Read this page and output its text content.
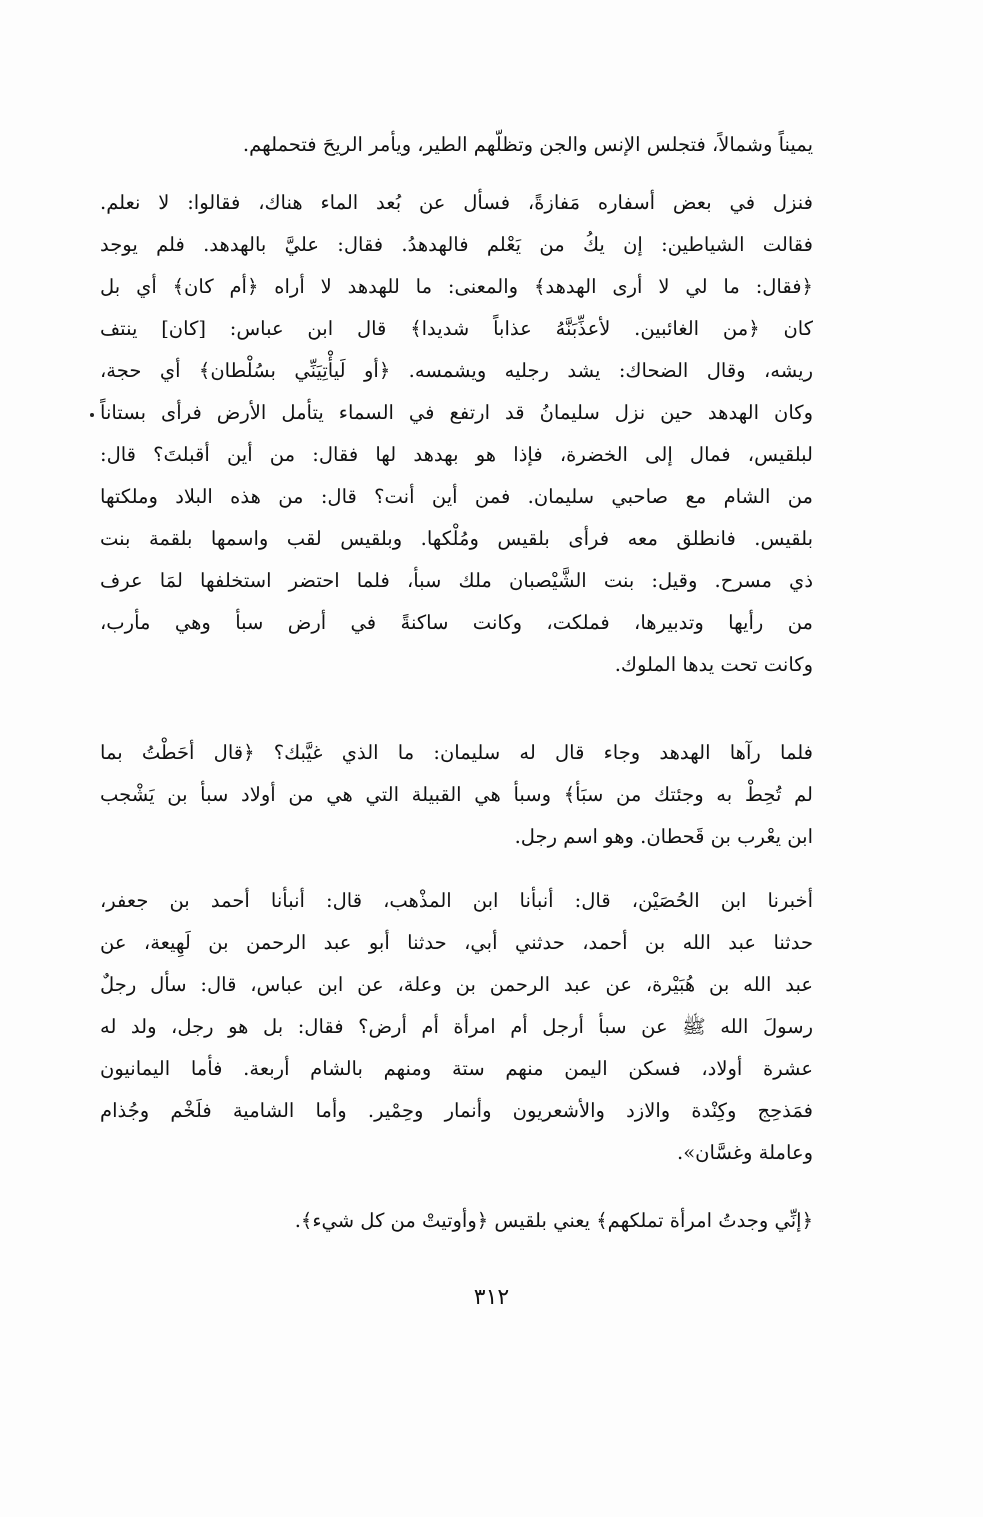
يميناً وشمالاً، فتجلس الإنس والجن وتظلّهم الطير، ويأمر الريحَ فتحملهم.
فنزل في بعض أسفاره مَفازةً، فسأل عن بُعد الماء هناك، فقالوا: لا نعلم.
فقالت الشياطين: إن يكُ من يَعْلم فالهدهدُ. فقال: عليَّ بالهدهد. فلم يوجد
﴿فقال: ما لي لا أرى الهدهد﴾ والمعنى: ما للهدهد لا أراه ﴿أم كان﴾ أي بل
كان ﴿من الغائبين. لأعذِّبَنَّهُ عذاباً شديدا﴾ قال ابن عباس: [كان] ينتف
ريشه، وقال الضحاك: يشد رجليه ويشمسه. ﴿أو لَيأْتِيَنِّي بسُلْطان﴾ أي حجة،
وكان الهدهد حين نزل سليمانُ قد ارتفع في السماء يتأمل الأرض فرأى بستاناً
لبلقيس، فمال إلى الخضرة، فإذا هو بهدهد لها فقال: من أين أقبلتَ؟ قال:
من الشام مع صاحبي سليمان. فمن أين أنت؟ قال: من هذه البلاد وملكتها
بلقيس. فانطلق معه فرأى بلقيس ومُلْكها. وبلقيس لقب واسمها بلقمة بنت
ذي مسرح. وقيل: بنت الشَّيْصبان ملك سبأ، فلما احتضر استخلفها لمَا عرف
من رأيها وتدبيرها، فملكت، وكانت ساكنةً في أرض سبأ وهي مأرب،
وكانت تحت يدها الملوك.
فلما رآها الهدهد وجاء قال له سليمان: ما الذي غيَّبك؟ ﴿قال أحَطْتُ بما
لم تُحِطْ به وجئتك من سبَأ﴾ وسبأ هي القبيلة التي هي من أولاد سبأ بن يَشْجب
ابن يعْرب بن قَحطان. وهو اسم رجل.
أخبرنا ابن الحُصَيْن، قال: أنبأنا ابن المذْهب، قال: أنبأنا أحمد بن جعفر،
حدثنا عبد الله بن أحمد، حدثني أبي، حدثنا أبو عبد الرحمن بن لَهِيعة، عن
عبد الله بن هُبَيْرة، عن عبد الرحمن بن وعلة، عن ابن عباس، قال: سأل رجلٌ
رسولَ الله ﷺ عن سبأ أرجل أم امرأة أم أرض؟ فقال: بل هو رجل، ولد له
عشرة أولاد، فسكن اليمن منهم ستة ومنهم بالشام أربعة. فأما اليمانيون
فمَذحِج وكِنْدة والازد والأشعريون وأنمار وحِمْير. وأما الشامية فلَخْم وجُذام
وعاملة وغسَّان».
﴿إنِّي وجدتُ امرأة تملكهم﴾ يعني بلقيس ﴿وأوتيتْ من كل شيء﴾.
٣١٢
